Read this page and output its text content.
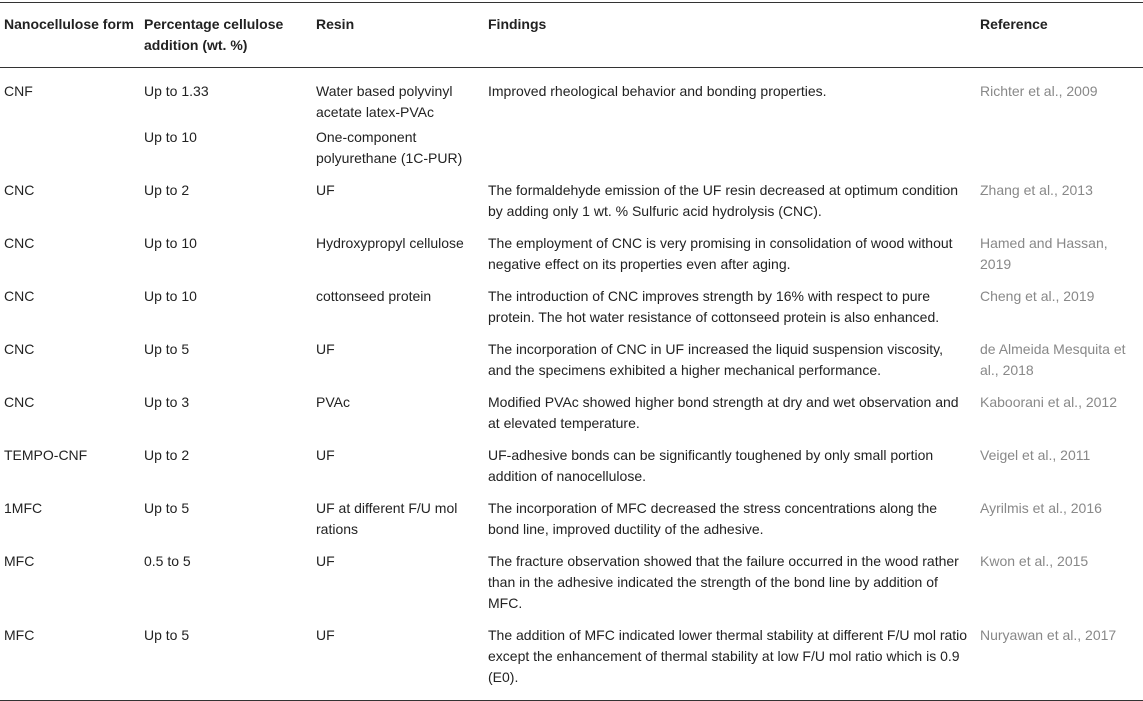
Nanocellulose form	Percentage cellulose addition (wt. %)	Resin	Findings	Reference
CNF	Up to 1.33	Water based polyvinyl acetate latex-PVAc	Improved rheological behavior and bonding properties.	Richter et al., 2009
	Up to 10	One-component polyurethane (1C-PUR)		
CNC	Up to 2	UF	The formaldehyde emission of the UF resin decreased at optimum condition by adding only 1 wt. % Sulfuric acid hydrolysis (CNC).	Zhang et al., 2013
CNC	Up to 10	Hydroxypropyl cellulose	The employment of CNC is very promising in consolidation of wood without negative effect on its properties even after aging.	Hamed and Hassan, 2019
CNC	Up to 10	cottonseed protein	The introduction of CNC improves strength by 16% with respect to pure protein. The hot water resistance of cottonseed protein is also enhanced.	Cheng et al., 2019
CNC	Up to 5	UF	The incorporation of CNC in UF increased the liquid suspension viscosity, and the specimens exhibited a higher mechanical performance.	de Almeida Mesquita et al., 2018
CNC	Up to 3	PVAc	Modified PVAc showed higher bond strength at dry and wet observation and at elevated temperature.	Kaboorani et al., 2012
TEMPO-CNF	Up to 2	UF	UF-adhesive bonds can be significantly toughened by only small portion addition of nanocellulose.	Veigel et al., 2011
1MFC	Up to 5	UF at different F/U mol rations	The incorporation of MFC decreased the stress concentrations along the bond line, improved ductility of the adhesive.	Ayrilmis et al., 2016
MFC	0.5 to 5	UF	The fracture observation showed that the failure occurred in the wood rather than in the adhesive indicated the strength of the bond line by addition of MFC.	Kwon et al., 2015
MFC	Up to 5	UF	The addition of MFC indicated lower thermal stability at different F/U mol ratio except the enhancement of thermal stability at low F/U mol ratio which is 0.9 (E0).	Nuryawan et al., 2017
